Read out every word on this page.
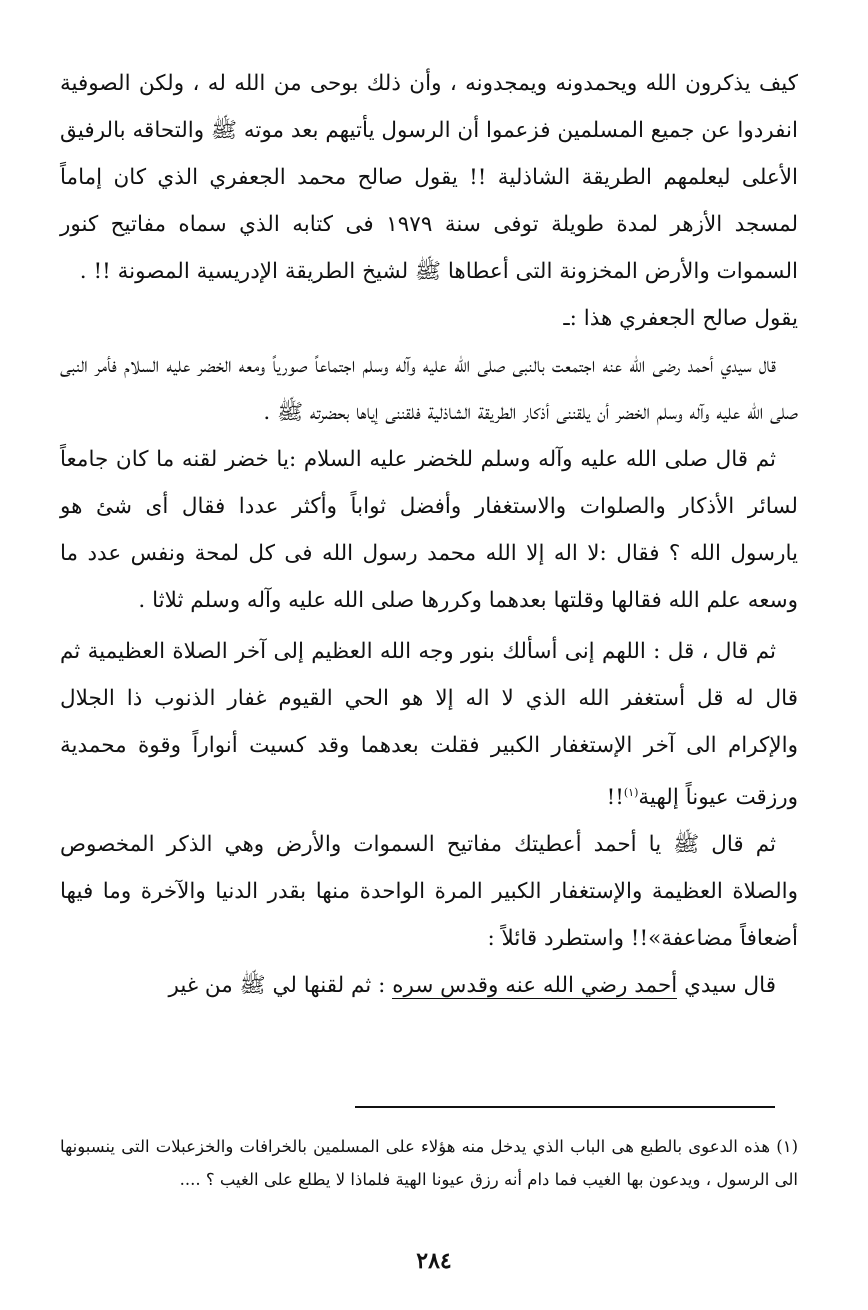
كيف يذكرون الله ويحمدونه ويمجدونه ، وأن ذلك بوحى من الله له ، ولكن الصوفية انفردوا عن جميع المسلمين فزعموا أن الرسول يأتيهم بعد موته ﷺ والتحاقه بالرفيق الأعلى ليعلمهم الطريقة الشاذلية !! يقول صالح محمد الجعفري الذي كان إماماً لمسجد الأزهر لمدة طويلة توفى سنة ١٩٧٩ فى كتابه الذي سماه مفاتيح كنور السموات والأرض المخزونة التى أعطاها ﷺ لشيخ الطريقة الإدريسية المصونة !! .

يقول صالح الجعفري هذا :ـ

قال سيدي أحمد رضى الله عنه اجتمعت بالنبى صلى الله عليه وآله وسلم اجتماعاً صورياً ومعه الخضر عليه السلام فأمر النبى صلى الله عليه وآله وسلم الخضر أن يلقننى أذكار الطريقة الشاذلية فلقننى إياها بحضرته ﷺ .

ثم قال صلى الله عليه وآله وسلم للخضر عليه السلام :يا خضر لقنه ما كان جامعاً لسائر الأذكار والصلوات والاستغفار وأفضل ثواباً وأكثر عددا فقال أى شئ هو يارسول الله ؟ فقال :لا اله إلا الله محمد رسول الله فى كل لمحة ونفس عدد ما وسعه علم الله فقالها وقلتها بعدهما وكررها صلى الله عليه وآله وسلم ثلاثا .

ثم قال ، قل : اللهم إنى أسألك بنور وجه الله العظيم إلى آخر الصلاة العظيمية ثم قال له قل أستغفر الله الذي لا اله إلا هو الحي القيوم غفار الذنوب ذا الجلال والإكرام الى آخر الإستغفار الكبير فقلت بعدهما وقد كسيت أنواراً وقوة محمدية ورزقت عيوناً إلهية$^{(١)}$!!

ثم قال ﷺ يا أحمد أعطيتك مفاتيح السموات والأرض وهي الذكر المخصوص والصلاة العظيمة والإستغفار الكبير المرة الواحدة منها بقدر الدنيا والآخرة وما فيها أضعافاً مضاعفة»!! واستطرد قائلاً :

قال سيدي أحمد رضي الله عنه وقدس سره : ثم لقنها لي ﷺ من غير

(١) هذه الدعوى بالطبع هى الباب الذي يدخل منه هؤلاء على المسلمين بالخرافات والخزعبلات التى ينسبونها الى الرسول ، ويدعون بها الغيب فما دام أنه رزق عيونا الهية فلماذا لا يطلع على الغيب ؟ ....
٢٨٤
